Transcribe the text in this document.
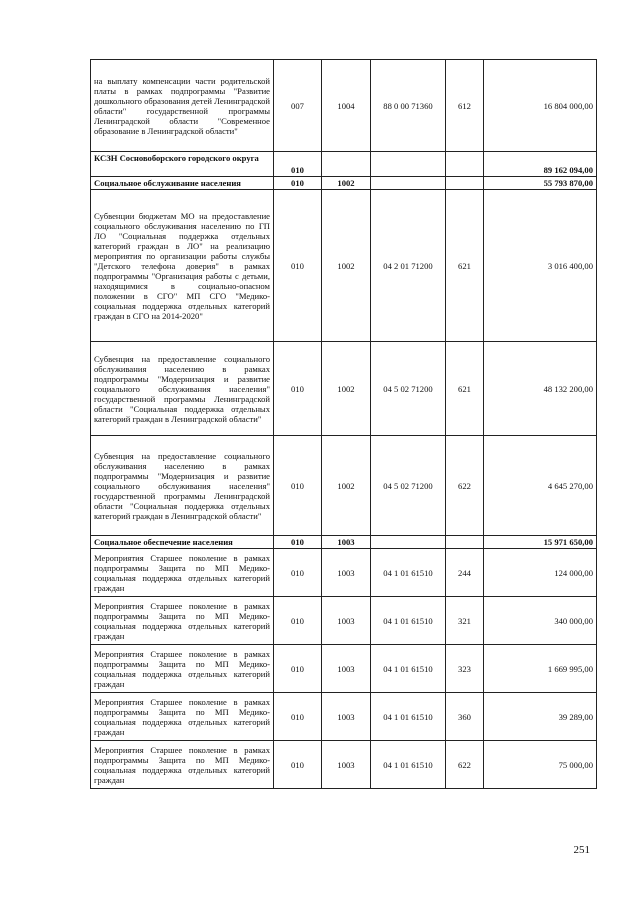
на выплату компенсации части родительской платы в рамках подпрограммы "Развитие дошкольного образования детей Ленинградской области" государственной программы Ленинградской области "Современное образование в Ленинградской области"	007	1004	88 0 00 71360	612	16 804 000,00
КСЗН Сосновоборского городского округа	010				89 162 094,00
Социальное обслуживание населения	010	1002			55 793 870,00
Субвенции бюджетам МО на предоставление социального обслуживания населению по ГП ЛО "Социальная поддержка отдельных категорий граждан в ЛО" на реализацию мероприятия по организации работы службы "Детского телефона доверия" в рамках подпрограммы "Организация работы с детьми, находящимися в социально-опасном положении в СГО" МП СГО "Медико-социальная поддержка отдельных категорий граждан в СГО на 2014-2020"	010	1002	04 2 01 71200	621	3 016 400,00
Субвенция на предоставление социального обслуживания населению в рамках подпрограммы "Модернизация и развитие социального обслуживания населения" государственной программы Ленинградской области "Социальная поддержка отдельных категорий граждан в Ленинградской области"	010	1002	04 5 02 71200	621	48 132 200,00
Субвенция на предоставление социального обслуживания населению в рамках подпрограммы "Модернизация и развитие социального обслуживания населения" государственной программы Ленинградской области "Социальная поддержка отдельных категорий граждан в Ленинградской области"	010	1002	04 5 02 71200	622	4 645 270,00
Социальное обеспечение населения	010	1003			15 971 650,00
Мероприятия Старшее поколение в рамках подпрограммы Защита по МП Медико-социальная поддержка отдельных категорий граждан	010	1003	04 1 01 61510	244	124 000,00
Мероприятия Старшее поколение в рамках подпрограммы Защита по МП Медико-социальная поддержка отдельных категорий граждан	010	1003	04 1 01 61510	321	340 000,00
Мероприятия Старшее поколение в рамках подпрограммы Защита по МП Медико-социальная поддержка отдельных категорий граждан	010	1003	04 1 01 61510	323	1 669 995,00
Мероприятия Старшее поколение в рамках подпрограммы Защита по МП Медико-социальная поддержка отдельных категорий граждан	010	1003	04 1 01 61510	360	39 289,00
Мероприятия Старшее поколение в рамках подпрограммы Защита по МП Медико-социальная поддержка отдельных категорий граждан	010	1003	04 1 01 61510	622	75 000,00
251
